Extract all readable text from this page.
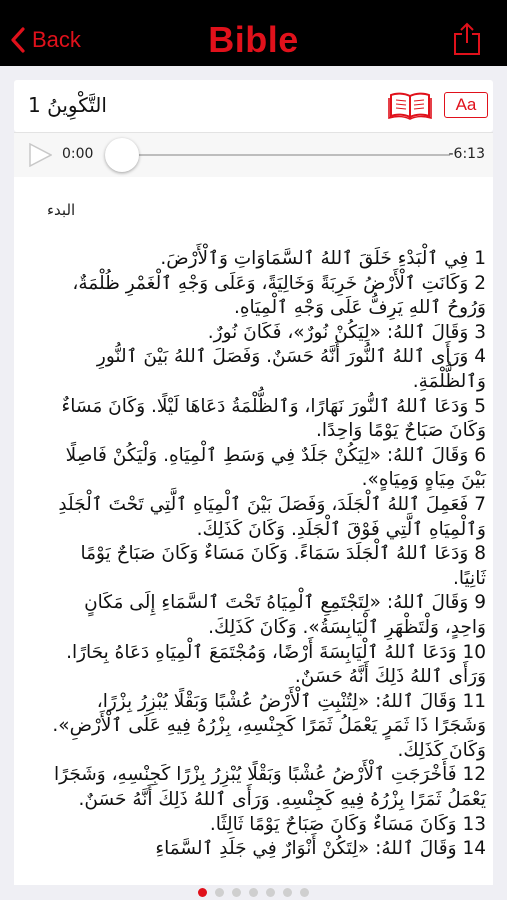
Back	Bible
التَّكْوِينُ 1	Aa
0:00	-6:13
البدء
1 فِي ٱلْبَدْءِ خَلَقَ ٱللهُ ٱلسَّمَاوَاتِ وَٱلْأَرْضَ.
2 وَكَانَتِ ٱلْأَرْضُ خَرِبَةً وَخَالِيَةً، وَعَلَى وَجْهِ ٱلْغَمْرِ ظُلْمَةٌ، وَرُوحُ ٱللهِ يَرِفُّ عَلَى وَجْهِ ٱلْمِيَاهِ.
3 وَقَالَ ٱللهُ: «لِيَكُنْ نُورٌ»، فَكَانَ نُورٌ.
4 وَرَأَى ٱللهُ ٱلنُّورَ أَنَّهُ حَسَنٌ. وَفَصَلَ ٱللهُ بَيْنَ ٱلنُّورِ وَٱلظُّلْمَةِ.
5 وَدَعَا ٱللهُ ٱلنُّورَ نَهَارًا، وَٱلظُّلْمَةُ دَعَاهَا لَيْلًا. وَكَانَ مَسَاءٌ وَكَانَ صَبَاحٌ يَوْمًا وَاحِدًا.
6 وَقَالَ ٱللهُ: «لِيَكُنْ جَلَدٌ فِي وَسَطِ ٱلْمِيَاهِ. وَلْيَكُنْ فَاصِلًا بَيْنَ مِيَاهٍ وَمِيَاهٍ».
7 فَعَمِلَ ٱللهُ ٱلْجَلَدَ، وَفَصَلَ بَيْنَ ٱلْمِيَاهِ ٱلَّتِي تَحْتَ ٱلْجَلَدِ وَٱلْمِيَاهِ ٱلَّتِي فَوْقَ ٱلْجَلَدِ. وَكَانَ كَذَلِكَ.
8 وَدَعَا ٱللهُ ٱلْجَلَدَ سَمَاءً. وَكَانَ مَسَاءٌ وَكَانَ صَبَاحٌ يَوْمًا ثَانِيًا.
9 وَقَالَ ٱللهُ: «لِتَجْتَمِعِ ٱلْمِيَاهُ تَحْتَ ٱلسَّمَاءِ إِلَى مَكَانٍ وَاحِدٍ، وَلْتَظْهَرِ ٱلْيَابِسَةُ». وَكَانَ كَذَلِكَ.
10 وَدَعَا ٱللهُ ٱلْيَابِسَةَ أَرْضًا، وَمُجْتَمَعَ ٱلْمِيَاهِ دَعَاهُ بِحَارًا. وَرَأَى ٱللهُ ذَلِكَ أَنَّهُ حَسَنٌ.
11 وَقَالَ ٱللهُ: «لِتُنْبِتِ ٱلْأَرْضُ عُشْبًا وَبَقْلًا يُبْزِرُ بِزْرًا، وَشَجَرًا ذَا ثَمَرٍ يَعْمَلُ ثَمَرًا كَجِنْسِهِ، بِزْرُهُ فِيهِ عَلَى ٱلْأَرْضِ». وَكَانَ كَذَلِكَ.
12 فَأَخْرَجَتِ ٱلْأَرْضُ عُشْبًا وَبَقْلًا يُبْزِرُ بِزْرًا كَجِنْسِهِ، وَشَجَرًا يَعْمَلُ ثَمَرًا بِزْرُهُ فِيهِ كَجِنْسِهِ. وَرَأَى ٱللهُ ذَلِكَ أَنَّهُ حَسَنٌ.
13 وَكَانَ مَسَاءٌ وَكَانَ صَبَاحٌ يَوْمًا ثَالِثًا.
14 وَقَالَ ٱللهُ: «لِتَكُنْ أَنْوَارٌ فِي جَلَدِ ٱلسَّمَاءِ
